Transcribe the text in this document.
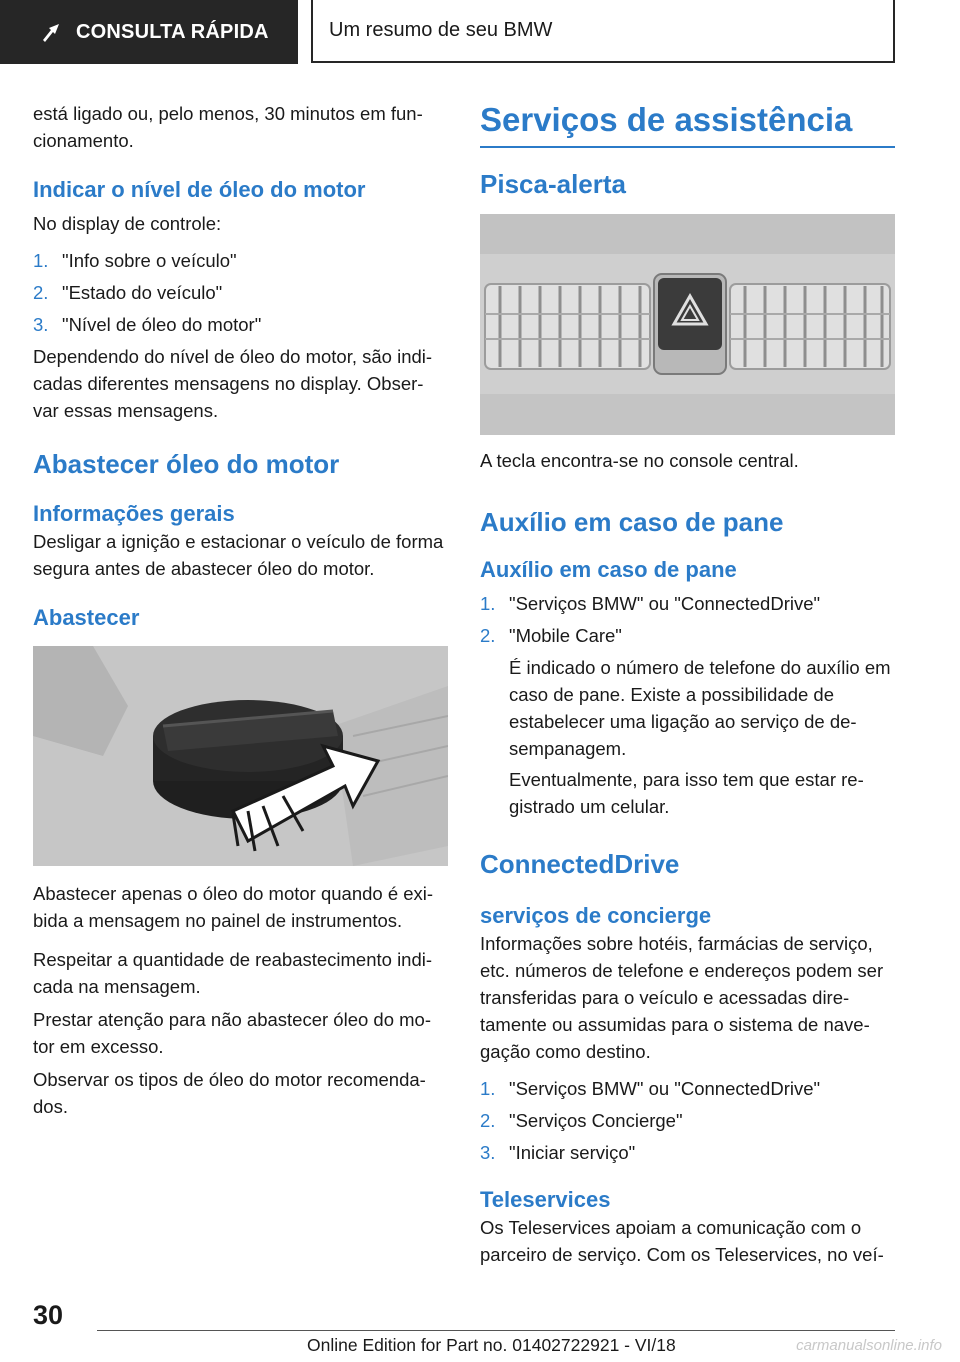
CONSULTA RÁPIDA	Um resumo de seu BMW

está ligado ou, pelo menos, 30 minutos em fun-cionamento.

Indicar o nível de óleo do motor

No display de controle:

1. "Info sobre o veículo"
2. "Estado do veículo"
3. "Nível de óleo do motor"

Dependendo do nível de óleo do motor, são indi-cadas diferentes mensagens no display. Obser-var essas mensagens.

Abastecer óleo do motor
Informações gerais

Desligar a ignição e estacionar o veículo de forma segura antes de abastecer óleo do motor.

Abastecer

Abastecer apenas o óleo do motor quando é exi-bida a mensagem no painel de instrumentos.

Respeitar a quantidade de reabastecimento indi-cada na mensagem.

Prestar atenção para não abastecer óleo do mo-tor em excesso.

Observar os tipos de óleo do motor recomenda-dos.

Serviços de assistência
Pisca-alerta

A tecla encontra-se no console central.

Auxílio em caso de pane
Auxílio em caso de pane
1. "Serviços BMW" ou "ConnectedDrive"
2. "Mobile Care"

É indicado o número de telefone do auxílio em caso de pane. Existe a possibilidade de estabelecer uma ligação ao serviço de de-sempanagem.

Eventualmente, para isso tem que estar re-gistrado um celular.

ConnectedDrive
serviços de concierge

Informações sobre hotéis, farmácias de serviço, etc. números de telefone e endereços podem ser transferidas para o veículo e acessadas dire-tamente ou assumidas para o sistema de nave-gação como destino.

1. "Serviços BMW" ou "ConnectedDrive"
2. "Serviços Concierge"
3. "Iniciar serviço"
Teleservices

Os Teleservices apoiam a comunicação com o parceiro de serviço. Com os Teleservices, no veí-

30
Online Edition for Part no. 01402722921 - VI/18	carmanualsonline.info
